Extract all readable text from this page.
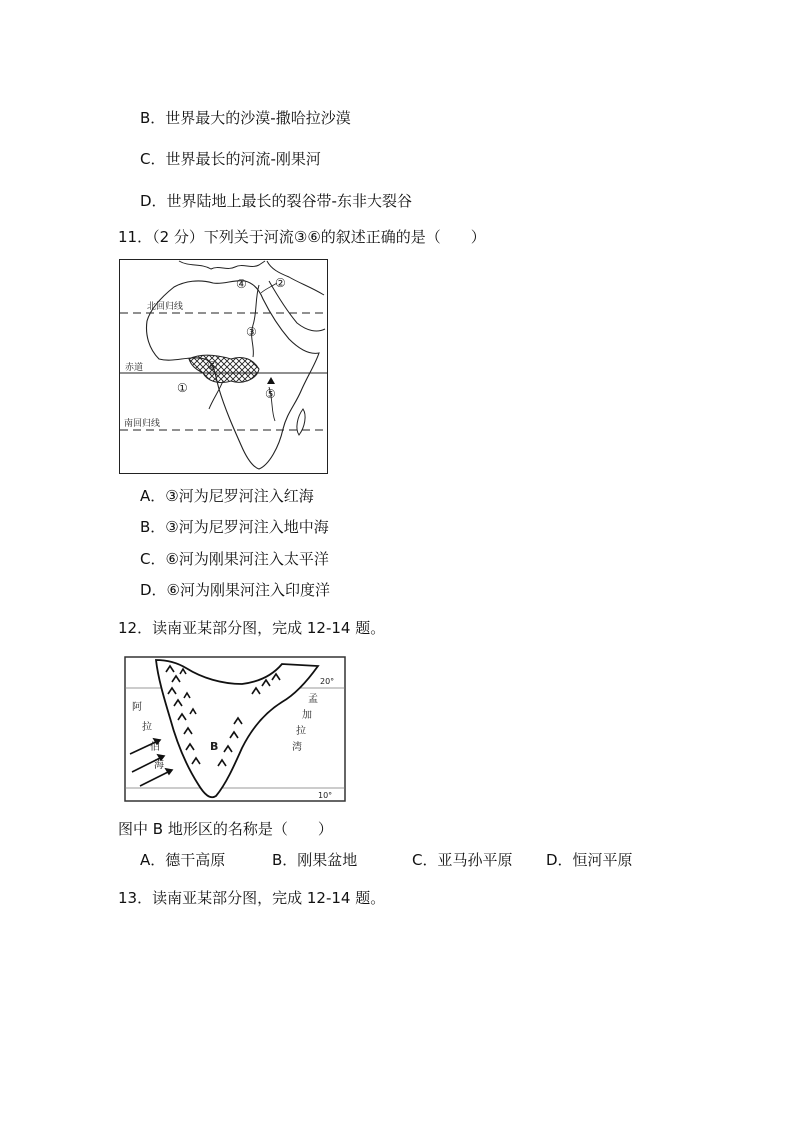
B．世界最大的沙漠-撒哈拉沙漠
C．世界最长的河流-刚果河
D．世界陆地上最长的裂谷带-东非大裂谷
11．（2 分）下列关于河流③⑥的叙述正确的是（　　）
北回归线
赤道
南回归线
④ ②
③
⑥
①	⑤
A．③河为尼罗河注入红海
B．③河为尼罗河注入地中海
C．⑥河为刚果河注入太平洋
D．⑥河为刚果河注入印度洋
12．读南亚某部分图，完成 12-14 题。
20°
10°
B
阿
拉
伯
海
孟
加
拉
湾
图中 B 地形区的名称是（　　）
A．德干高原	B．刚果盆地	C．亚马孙平原 D．恒河平原
13．读南亚某部分图，完成 12-14 题。
